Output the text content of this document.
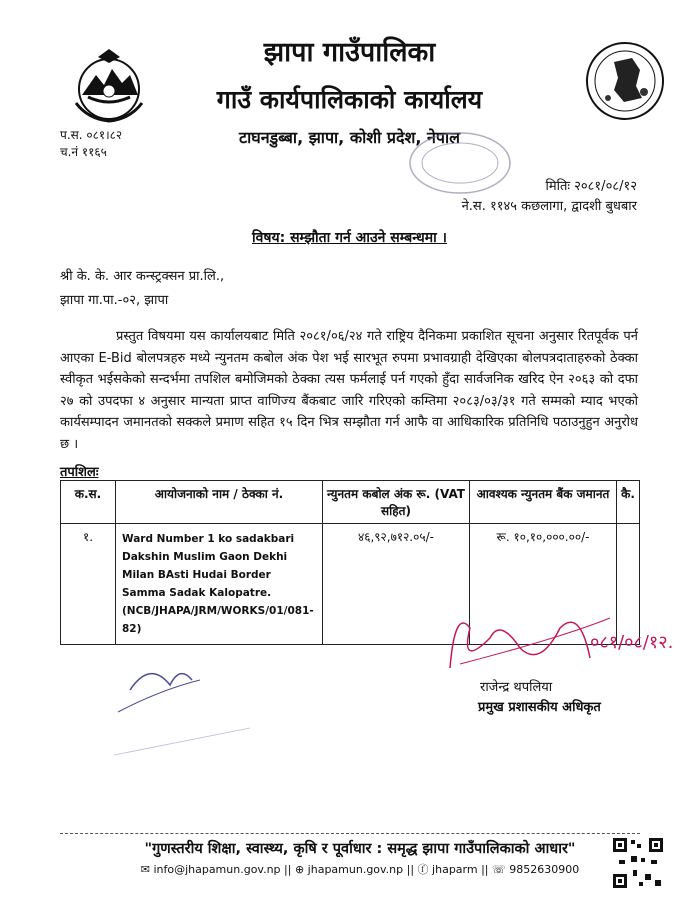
झापा गाउँपालिका
गाउँ कार्यपालिकाको कार्यालय
टाघनडुब्बा, झापा, कोशी प्रदेश, नेपाल
प.स. ०८१।८२
च.नं ११६५
मितिः २०८१/०८/१२
ने.स. ११४५ कछलागा, द्वादशी बुधबार
विषय: सम्झौता गर्न आउने सम्बन्धमा ।
श्री के. के. आर कन्स्ट्रक्सन प्रा.लि.,
झापा गा.पा.-०२, झापा
प्रस्तुत विषयमा यस कार्यालयबाट मिति २०८१/०६/२४ गते राष्ट्रिय दैनिकमा प्रकाशित सूचना अनुसार रितपूर्वक पर्न आएका E-Bid बोलपत्रहरु मध्ये न्युनतम कबोल अंक पेश भई सारभूत रुपमा प्रभावग्राही देखिएका बोलपत्रदाताहरुको ठेक्का स्वीकृत भईसकेको सन्दर्भमा तपशिल बमोजिमको ठेक्का त्यस फर्मलाई पर्न गएको हुँदा सार्वजनिक खरिद ऐन २०६३ को दफा २७ को उपदफा ४ अनुसार मान्यता प्राप्त वाणिज्य बैंकबाट जारि गरिएको कम्तिमा २०८३/०३/३१ गते सम्मको म्याद भएको कार्यसम्पादन जमानतको सक्कले प्रमाण सहित १५ दिन भित्र सम्झौता गर्न आफै वा आधिकारिक प्रतिनिधि पठाउनुहुन अनुरोध छ ।
तपशिलः
क.स.	आयोजनाको नाम / ठेक्का नं.	न्युनतम कबोल अंक रू. (VAT सहित)	आवश्यक न्युनतम बैंक जमानत	कै.
१.	Ward Number 1 ko sadakbari Dakshin Muslim Gaon Dekhi Milan BAsti Hudai Border Samma Sadak Kalopatre. (NCB/JHAPA/JRM/WORKS/01/081-82)	४६,९२,७१२.०५/-	रू. १०,१०,०००.००/-	
०८१/०८/१२.
राजेन्द्र थपलिया
प्रमुख प्रशासकीय अधिकृत
"गुणस्तरीय शिक्षा, स्वास्थ्य, कृषि र पूर्वाधार : समृद्ध झापा गाउँपालिकाको आधार"
✉ info@jhapamun.gov.np || ⊕ jhapamun.gov.np || ⓕ jhaparm || ☏ 9852630900
